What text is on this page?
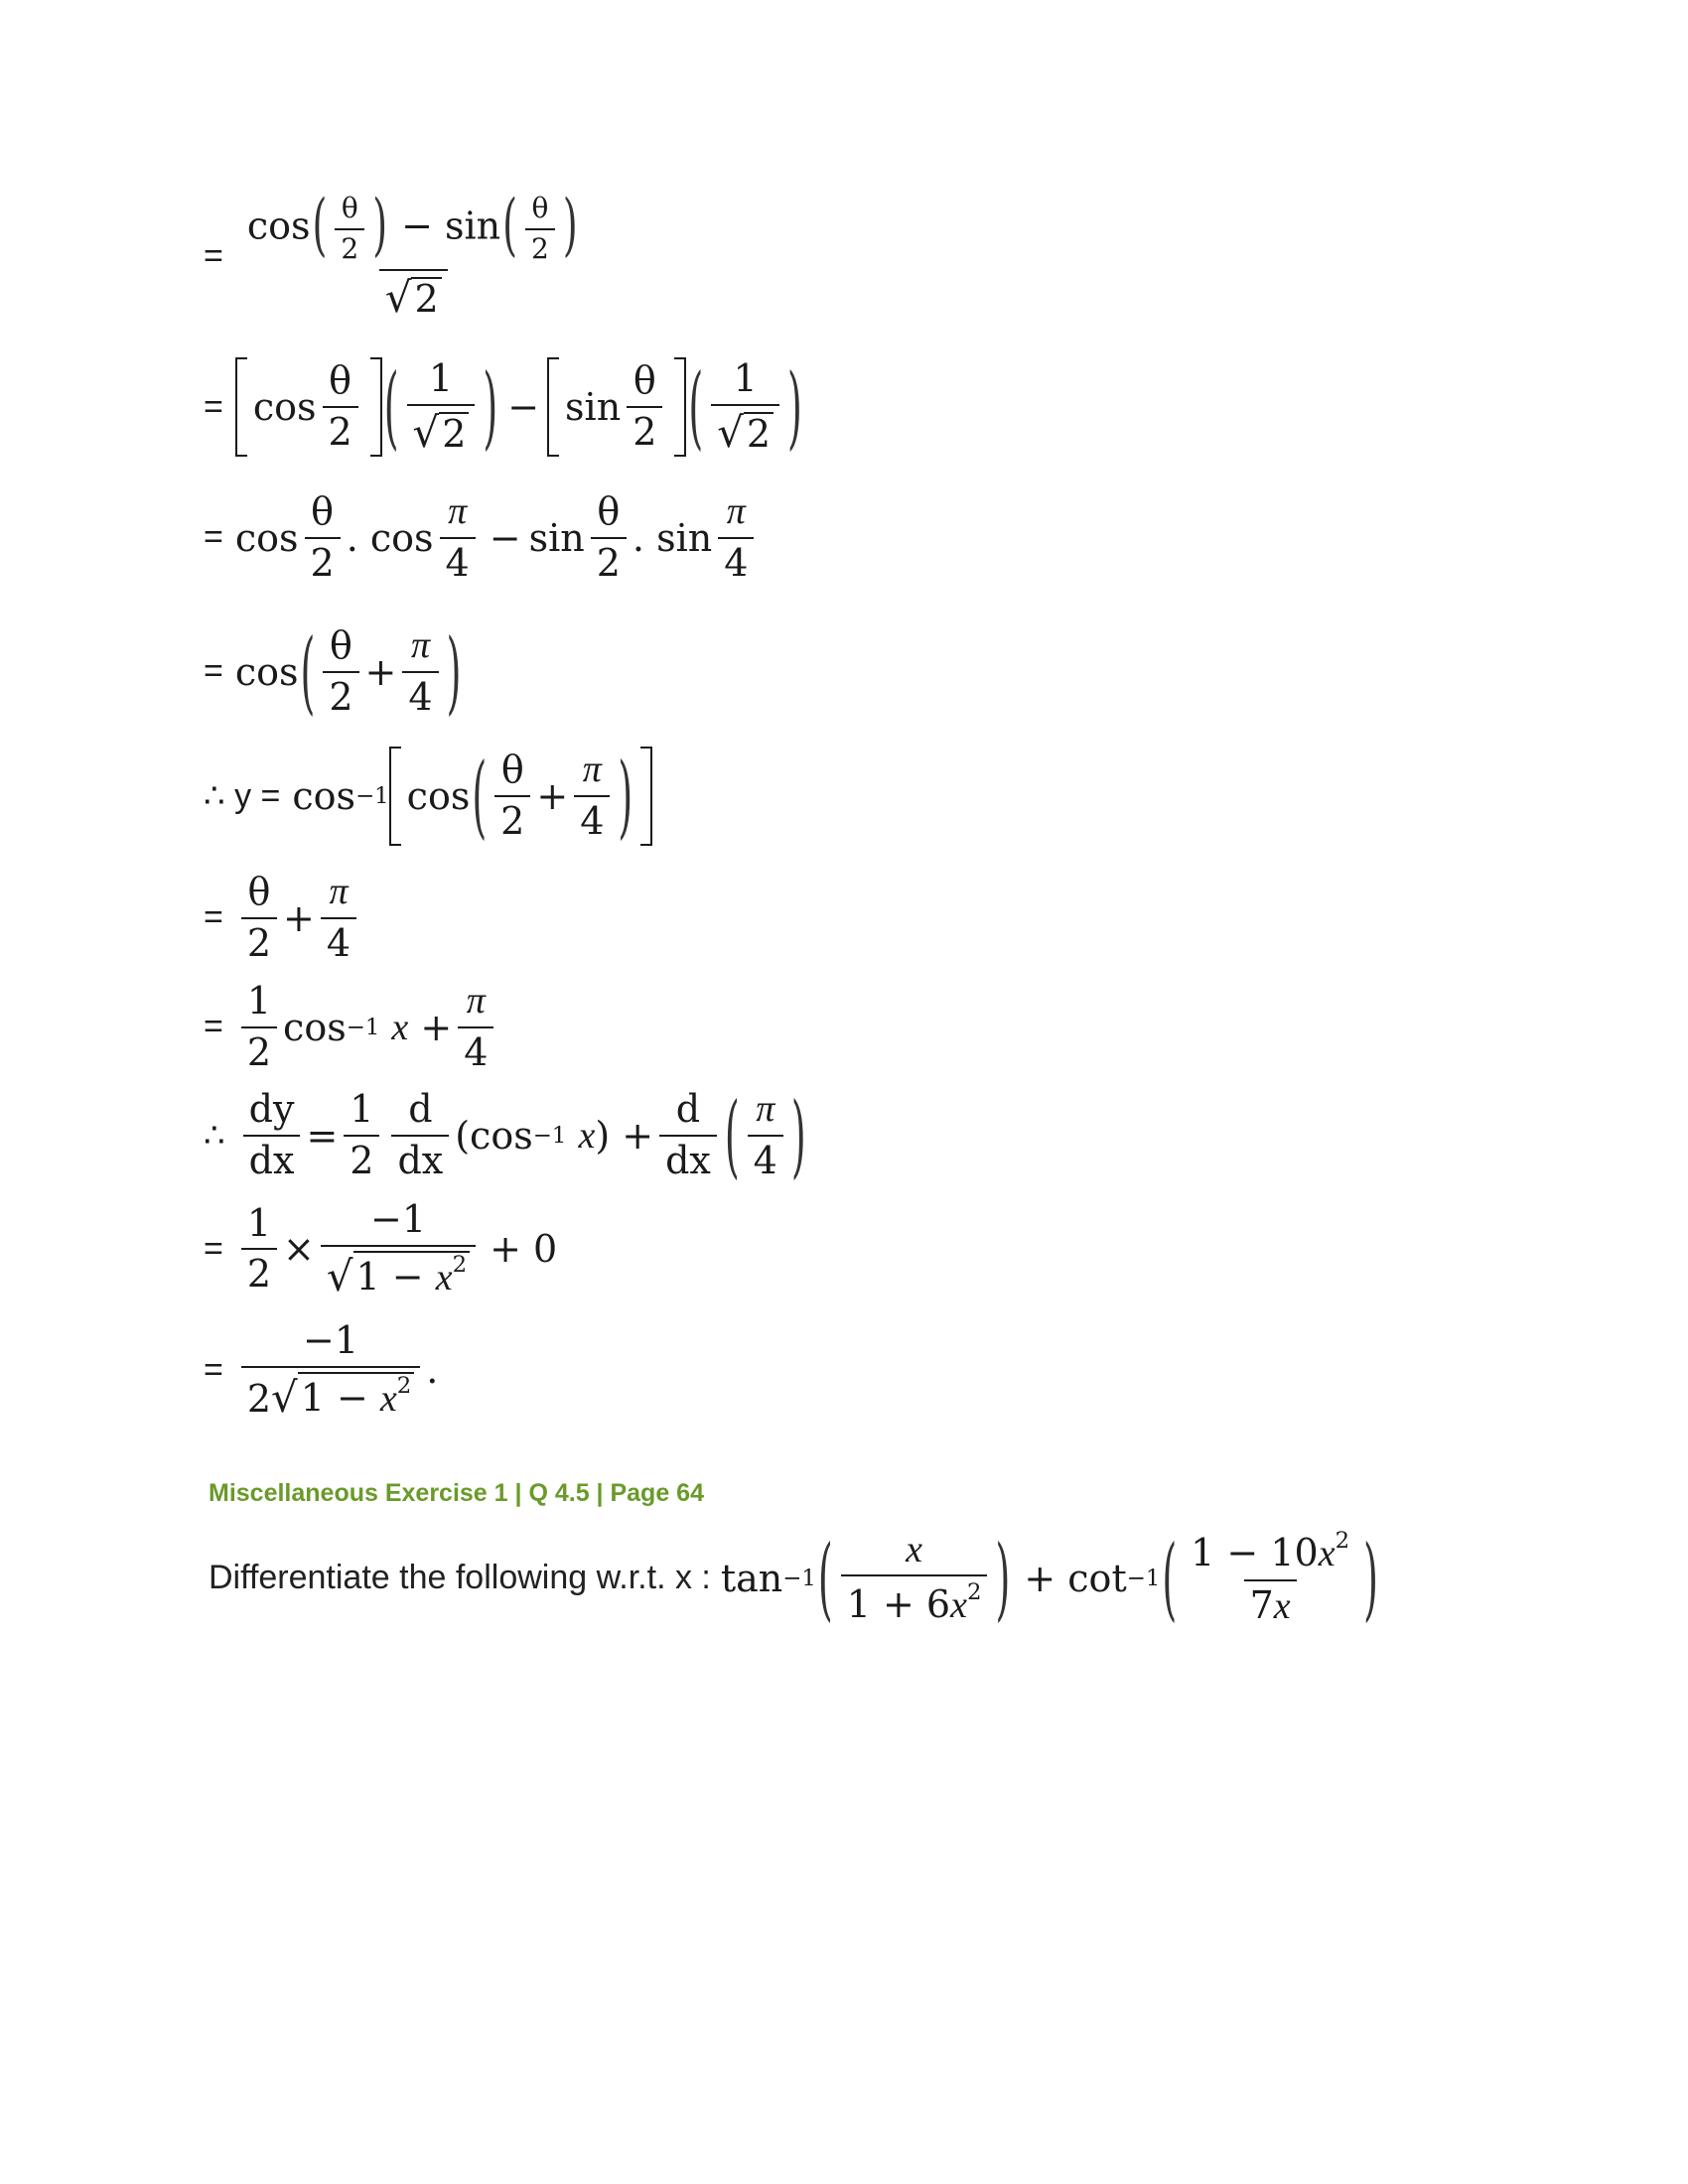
= $\frac{\cos( \frac{\theta}{2} ) - \sin( \frac{\theta}{2} )}{√ 2}$
= $\cos \frac{\theta}{2}$ ( $\frac{1}{√ 2}$ ) − $\sin \frac{\theta}{2}$ ( $\frac{1}{√ 2}$ )
= $\cos \frac{\theta}{2}$ . $\cos \frac{\pi}{4} - \sin \frac{\theta}{2}$ . $\sin \frac{\pi}{4}$
= cos ( $\frac{\theta}{2} + \frac{\pi}{4}$ )
∴ y = cos −1 cos ( $\frac{\theta}{2} + \frac{\pi}{4}$ )
= $\frac{\theta}{2} + \frac{\pi}{4}$
= $\frac{1}{2}$ cos −1
$x + \frac{\pi}{4}$
∴ $\frac{dy}{dx} = \frac{1}{2} \frac{d}{dx} (\cos -1$
x ) + $\frac{d}{dx}$ ( $\frac{\pi}{4}$ )
= $\frac{1}{2} \times \frac{-1}{√ 1 - x^2} + 0$
= $\frac{-1}{2 √ 1 - x^2}$ .
Miscellaneous Exercise 1 | Q 4.5 | Page 64
Differentiate the following w.r.t. x : tan −1 ( $\frac{x}{1 + 6x^2}$ ) + cot −1 ( $\frac{1 - 10x^2}{7x}$ )
